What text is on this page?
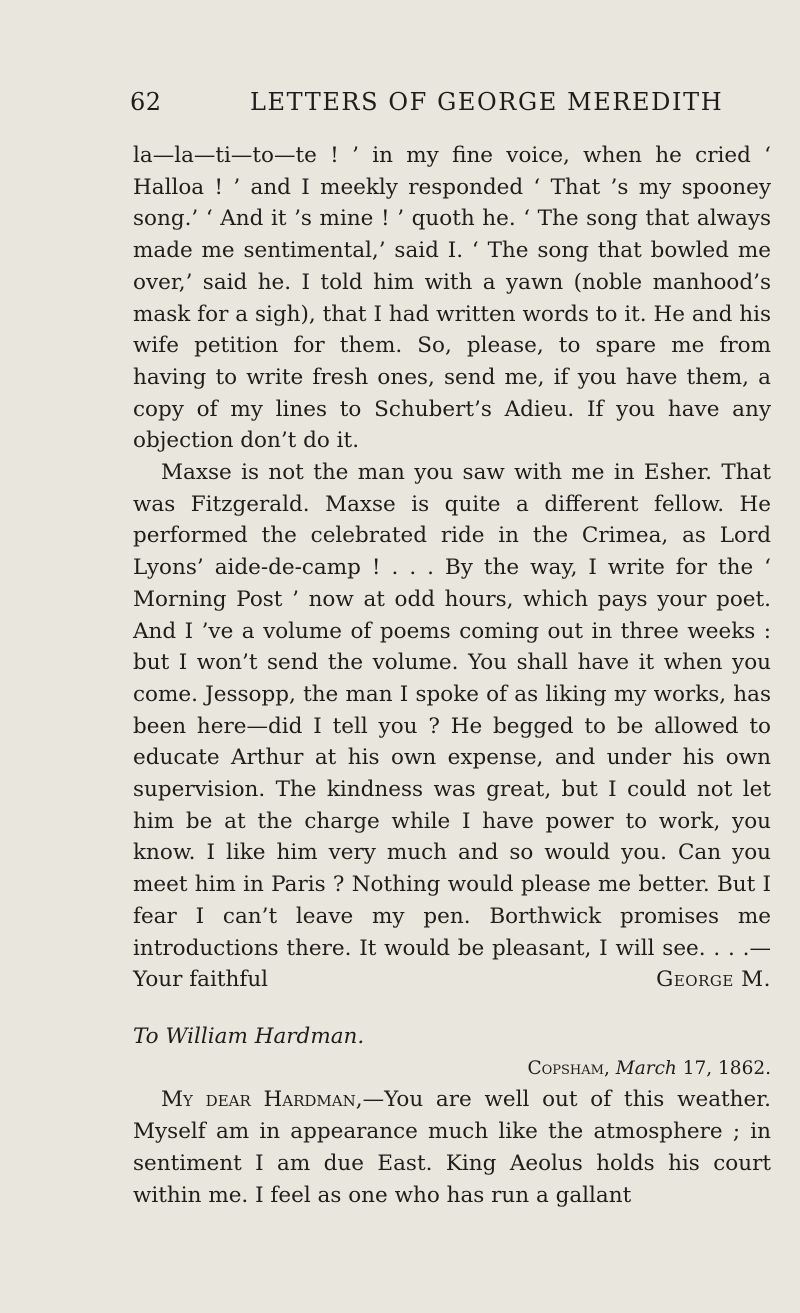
62	LETTERS OF GEORGE MEREDITH

la—la—ti—to—te ! ’ in my fine voice, when he cried ‘ Halloa ! ’ and I meekly responded ‘ That ’s my spooney song.’ ‘ And it ’s mine ! ’ quoth he. ‘ The song that always made me sentimental,’ said I. ‘ The song that bowled me over,’ said he. I told him with a yawn (noble manhood’s mask for a sigh), that I had written words to it. He and his wife petition for them. So, please, to spare me from having to write fresh ones, send me, if you have them, a copy of my lines to Schubert’s Adieu. If you have any objection don’t do it.

Maxse is not the man you saw with me in Esher. That was Fitzgerald. Maxse is quite a different fellow. He performed the celebrated ride in the Crimea, as Lord Lyons’ aide-de-camp ! . . . By the way, I write for the ‘ Morning Post ’ now at odd hours, which pays your poet. And I ’ve a volume of poems coming out in three weeks : but I won’t send the volume. You shall have it when you come. Jessopp, the man I spoke of as liking my works, has been here—did I tell you ? He begged to be allowed to educate Arthur at his own expense, and under his own supervision. The kindness was great, but I could not let him be at the charge while I have power to work, you know. I like him very much and so would you. Can you meet him in Paris ? Nothing would please me better. But I fear I can’t leave my pen. Borthwick promises me introductions there. It would be pleasant, I will see. . . .—Your faithful	George M.

To William Hardman.

Copsham, March 17, 1862.

My dear Hardman,—You are well out of this weather. Myself am in appearance much like the atmosphere ; in sentiment I am due East. King Aeolus holds his court within me. I feel as one who has run a gallant
